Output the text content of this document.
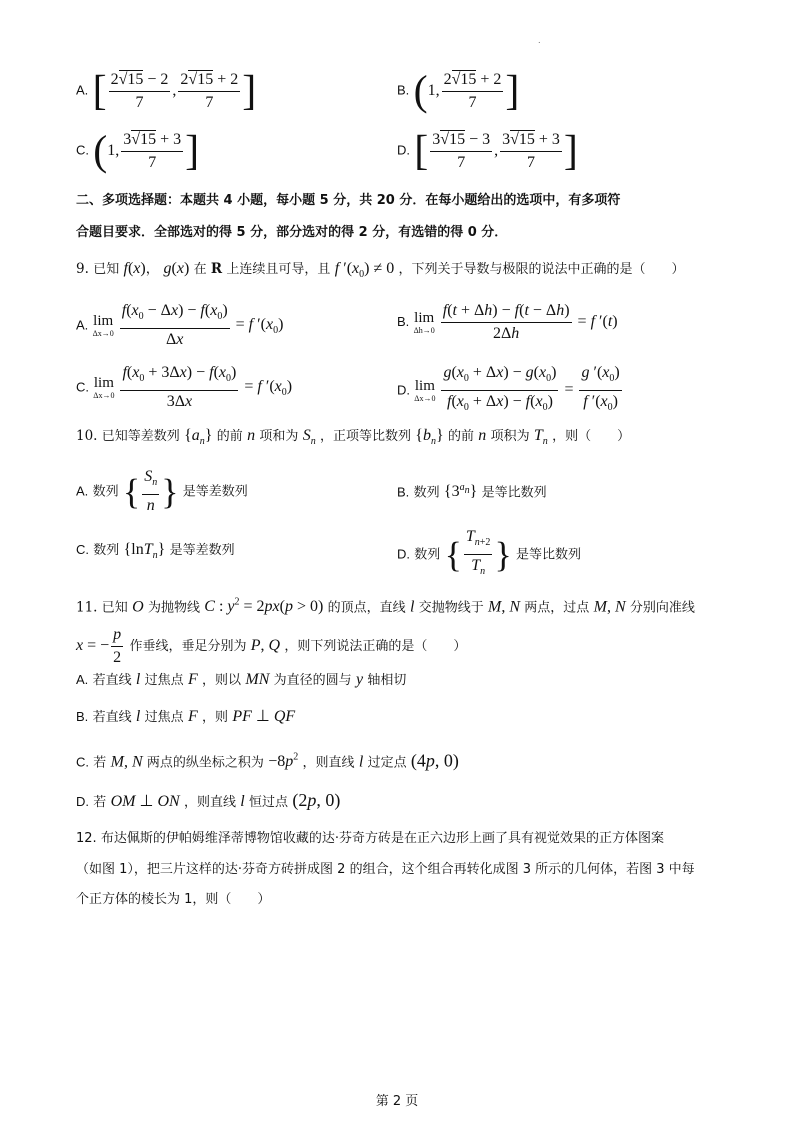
.
A. [ $\frac{2√15 - 2}{7}$ , $\frac{2√15 + 2}{7}$ ]	B. (1, $\frac{2√15 + 2}{7}$ ]
C. (1, $\frac{3√15 + 3}{7}$ ]	D. [ $\frac{3√15 - 3}{7}$ , $\frac{3√15 + 3}{7}$ ]
二、多项选择题：本题共 4 小题，每小题 5 分，共 20 分．在每小题给出的选项中，有多项符
合题目要求．全部选对的得 5 分，部分选对的得 2 分，有选错的得 0 分．
9. 已知 f(x)， g(x) 在 R 上连续且可导，且 f $'(x_0) \ne 0$ ，下列关于导数与极限的说法中正确的是（　　）
A. lim
$\Delta x\to 0 \frac{f(x_0 - \Delta x) - f(x_0)}{\Delta x} = f$ $'(x_0)$	B. lim
$\Delta h\to 0 \frac{f(t + \Delta h) - f(t - \Delta h)}{2\Delta h} = f$ ′(t)
C. lim
$\Delta x\to 0 \frac{f(x_0 + 3\Delta x) - f(x_0)}{3\Delta x} = f$ $'(x_0)$	D. lim
$\Delta x\to 0 \frac{g(x_0 + \Delta x) - g(x_0)}{f(x_0 + \Delta x) - f(x_0)} = \frac{g '(x_0)}{f '(x_0)}$
10. 已知等差数列 $\{a_n\}$ 的前 n 项和为 $S_n$ ，正项等比数列 $\{b_n\}$ 的前 n 项积为 $T_n$ ，则（　　）
A. 数列 { $\frac{S_n}{n}$ } 是等差数列	B. 数列 $\{3^{a_n}\}$ 是等比数列
C. 数列 {lnT$_n$} 是等差数列	D. 数列 { $\frac{T_{n+2}}{T_n}$ } 是等比数列
11. 已知 O 为抛物线 C : $y^2 = 2px(p > 0)$ 的顶点，直线 l 交抛物线于 M, N 两点，过点 M, N 分别向准线
x = − $\frac{p}{2}$ 作垂线，垂足分别为 P, Q ，则下列说法正确的是（　　）
A. 若直线 l 过焦点 F ，则以 MN 为直径的圆与 y 轴相切
B. 若直线 l 过焦点 F ，则 PF ⊥ QF
C. 若 M, N 两点的纵坐标之积为 $-8p^2$ ，则直线 l 过定点 (4p, 0)
D. 若 OM ⊥ ON ，则直线 l 恒过点 (2p, 0)
12. 布达佩斯的伊帕姆维泽蒂博物馆收藏的达·芬奇方砖是在正六边形上画了具有视觉效果的正方体图案
（如图 1），把三片这样的达·芬奇方砖拼成图 2 的组合，这个组合再转化成图 3 所示的几何体，若图 3 中每
个正方体的棱长为 1，则（　　）
第 2 页
